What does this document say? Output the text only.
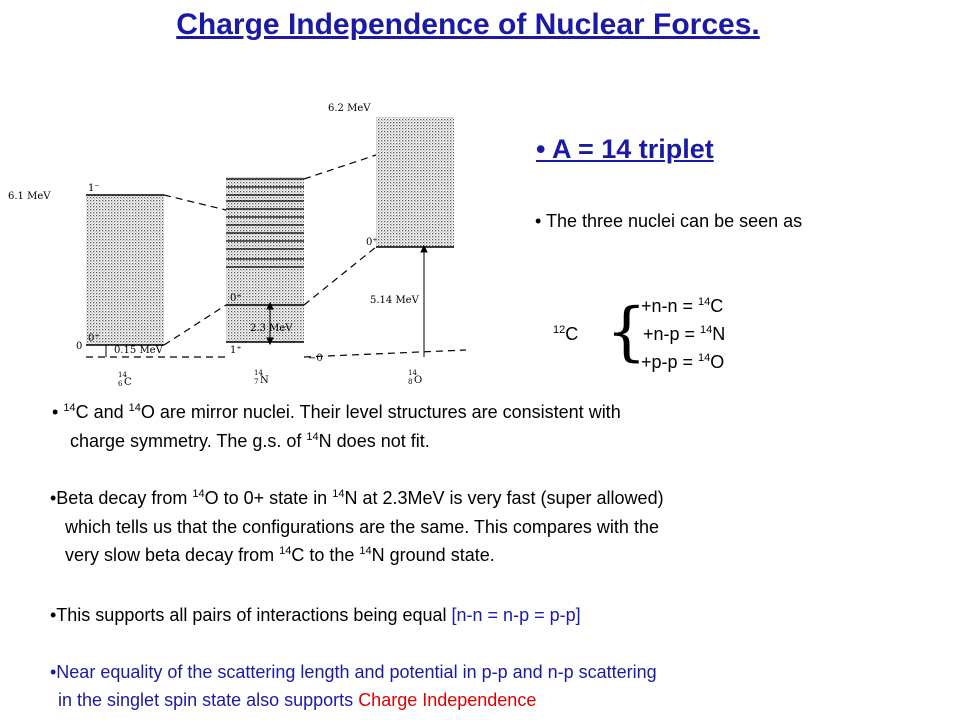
Charge Independence of Nuclear Forces.
6.1 MeV
1⁻
0⁺
0	0.15 MeV
14
6 C
0⁺
2.3 MeV
1⁺
−0
14
7 N
6.2 MeV
0⁺
5.14 MeV
14
8 O
• A = 14 triplet
• The three nuclei can be seen as
$^{12}$C {
+n-n = $^{14}$C
+n-p = $^{14}$N
+p-p = $^{14}$O
• $^{14}$C and $^{14}$O are mirror nuclei. Their level structures are consistent with
charge symmetry. The g.s. of $^{14}$N does not fit.
•Beta decay from $^{14}$O to 0+ state in $^{14}$N at 2.3MeV is very fast (super allowed)
which tells us that the configurations are the same. This compares with the
very slow beta decay from $^{14}$C to the $^{14}$N ground state.
•This supports all pairs of interactions being equal [n-n = n-p = p-p]
•Near equality of the scattering length and potential in p-p and n-p scattering
in the singlet spin state also supports Charge Independence
